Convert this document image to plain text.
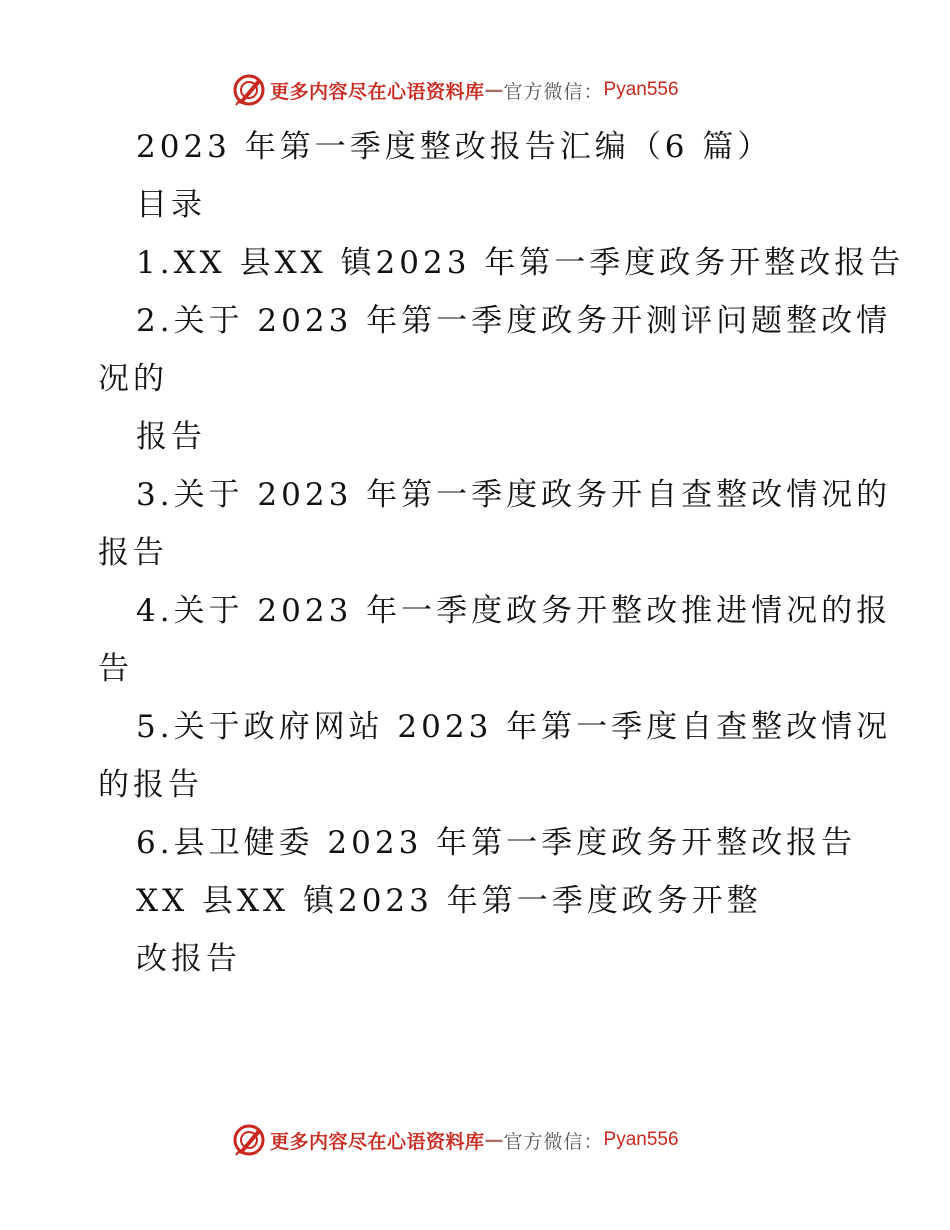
更多内容尽在心语资料库 — 官方微信： Pyan556

2023 年第一季度整改报告汇编（6 篇）

目录

1.XX 县XX 镇2023 年第一季度政务开整改报告

2.关于 2023 年第一季度政务开测评问题整改情

况的

报告

3.关于 2023 年第一季度政务开自查整改情况的

报告

4.关于 2023 年一季度政务开整改推进情况的报

告

5.关于政府网站 2023 年第一季度自查整改情况

的报告

6.县卫健委 2023 年第一季度政务开整改报告

XX 县XX 镇2023 年第一季度政务开整

改报告

更多内容尽在心语资料库 — 官方微信： Pyan556
